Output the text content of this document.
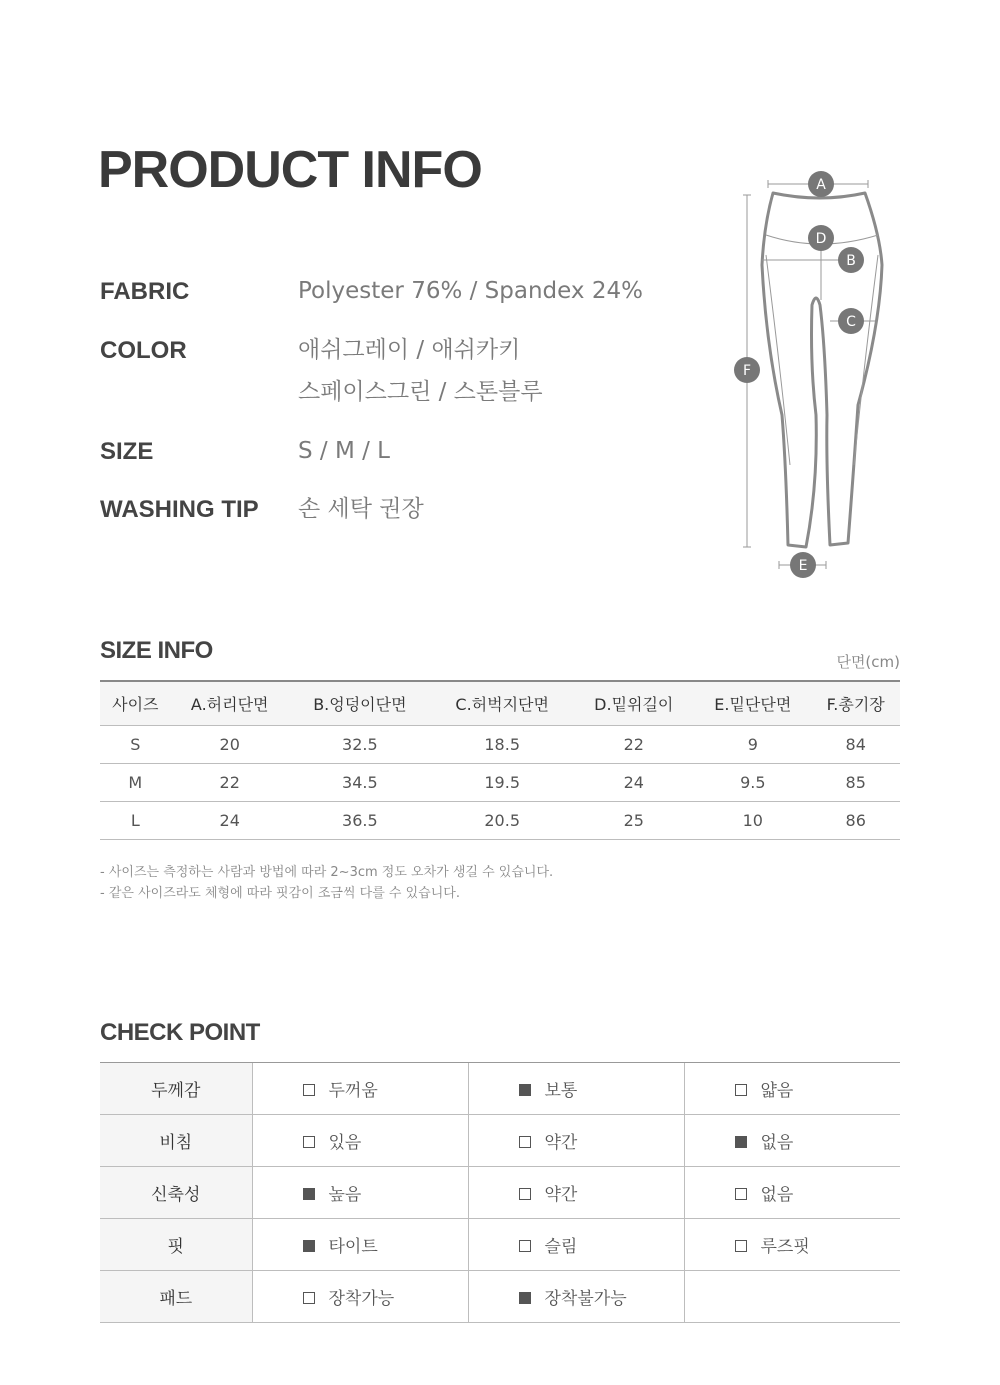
PRODUCT INFO
FABRIC	Polyester 76% / Spandex 24%
COLOR	애쉬그레이 / 애쉬카키
스페이스그린 / 스톤블루
SIZE	S / M / L
WASHING TIP	손 세탁 권장
A
D
B
C
F
E
SIZE INFO	단면(cm)
사이즈	A.허리단면	B.엉덩이단면	C.허벅지단면	D.밑위길이	E.밑단단면	F.총기장
S	20	32.5	18.5	22	9	84
M	22	34.5	19.5	24	9.5	85
L	24	36.5	20.5	25	10	86
- 사이즈는 측정하는 사람과 방법에 따라 2~3cm 정도 오차가 생길 수 있습니다.
- 같은 사이즈라도 체형에 따라 핏감이 조금씩 다를 수 있습니다.
CHECK POINT
두께감	두꺼움	보통	얇음
비침	있음	약간	없음
신축성	높음	약간	없음
핏	타이트	슬림	루즈핏
패드	장착가능	장착불가능	
